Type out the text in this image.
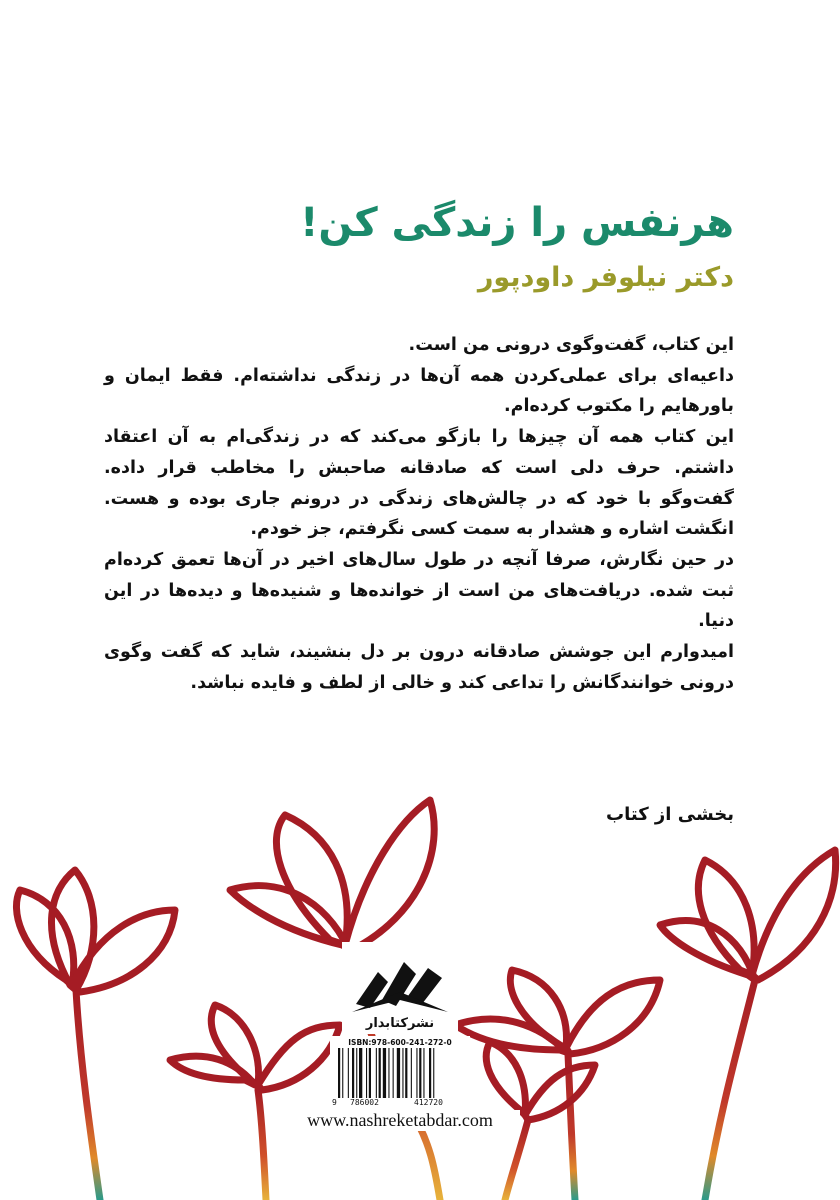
هرنفس را زندگی کن!
دکتر نیلوفر داودپور

این کتاب، گفت‌وگوی درونی من است.

داعیه‌ای برای عملی‌کردن همه آن‌ها در زندگی نداشته‌ام. فقط ایمان و باورهایم را مکتوب کرده‌ام.

این کتاب همه آن چیزها را بازگو می‌کند که در زندگی‌ام به آن اعتقاد داشتم. حرف دلی است که صادقانه صاحبش را مخاطب قرار داده. گفت‌وگو با خود که در چالش‌های زندگی در درونم جاری بوده و هست. انگشت اشاره و هشدار به سمت کسی نگرفتم، جز خودم.

در حین نگارش، صرفا آنچه در طول سال‌های اخیر در آن‌ها تعمق کرده‌ام ثبت شده. دریافت‌های من است از خوانده‌ها و شنیده‌ها و دیده‌ها در این دنیا.

امیدوارم این جوشش صادقانه درون بر دل بنشیند، شاید که گفت وگوی درونی خوانندگانش را تداعی کند و خالی از لطف و فایده نباشد.

بخشی از کتاب

نشرکتابدار
ISBN:978-600-241-272-0
9 786002	412720
www.nashreketabdar.com
